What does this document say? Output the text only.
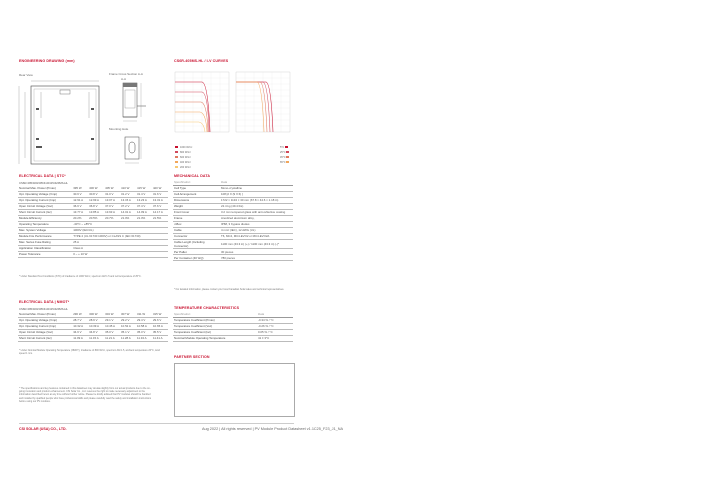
ENGINEERING DRAWING (mm)
Rear View	Frame Cross Section A-A
A-A
Mounting Hole
CS6R-405MS-HL / I-V CURVES
1000 W/m²
800 W/m²
600 W/m²
400 W/m²
200 W/m²
5°C
25°C
45°C
65°C
ELECTRICAL DATA | STC*
CS6R-395/400/405/410/415/420MS-HL
Nominal Max. Power (Pmax)	395 W	400 W	405 W	410 W	415 W	420 W
Opt. Operating Voltage (Vmp)	30.6 V	30.8 V	31.0 V	31.2 V	31.4 V	31.6 V
Opt. Operating Current (Imp)	12.91 A	12.99 A	13.07 A	13.15 A	13.23 A	13.31 A
Open Circuit Voltage (Voc)	36.6 V	36.8 V	37.0 V	37.2 V	37.4 V	37.6 V
Short Circuit Current (Isc)	13.77 A	13.85 A	13.93 A	14.01 A	14.09 A	14.17 A
Module Efficiency	20.2%	20.5%	20.7%	21.0%	21.3%	21.5%
Operating Temperature	-40°C ~ +85°C					
Max. System Voltage	1000V (IEC/UL)					
Module Fire Performance	TYPE 2 (UL 61730 1000V) or CLASS C (IEC 61730)					
Max. Series Fuse Rating	25 A					
Application Classification	Class A					
Power Tolerance	0 ~ + 10 W					
* Under Standard Test Conditions (STC) of irradiance of 1000 W/m², spectrum AM 1.5 and cell temperature of 25°C.
ELECTRICAL DATA | NMOT*
CS6R-395/400/405/410/415/420MS-HL
Nominal Max. Power (Pmax)	296 W	300 W	304 W	307 W	311 W	315 W
Opt. Operating Voltage (Vmp)	28.7 V	28.9 V	29.1 V	29.2 V	29.4 V	29.6 V
Opt. Operating Current (Imp)	10.32 A	10.39 A	10.45 A	10.52 A	10.58 A	10.65 A
Open Circuit Voltage (Voc)	34.6 V	34.8 V	35.0 V	35.1 V	35.3 V	35.5 V
Short Circuit Current (Isc)	11.09 A	11.15 A	11.21 A	11.28 A	11.34 A	11.41 A
* Under Nominal Module Operating Temperature (NMOT), irradiance of 800 W/m², spectrum AM 1.5, ambient temperature 20°C, wind speed 1 m/s.
MECHANICAL DATA
Specification	Data
Cell Type	Mono-crystalline
Cell Arrangement	108 [2 X (9 X 6) ]
Dimensions	1722 × 1134 × 30 mm (67.8 × 44.6 × 1.18 in)
Weight	22.4 kg (49.4 lbs)
Front Cover	3.2 mm tempered glass with anti-reflective coating
Frame	Anodized aluminium alloy,
J-Box	IP68, 3 bypass diodes
Cable	4 mm² (IEC), 12 AWG (UL)
Connector	T6, MC4, MC4-EVO2 or MC4-EVO2A
Cable Length (Including Connector)	1100 mm (43.3 in) (+) / 1100 mm (43.3 in) (-)*
Per Pallet	30 pieces
Per Container (40' HQ)	780 pieces
* For detailed information, please contact your local Canadian Solar sales and technical representatives.
TEMPERATURE CHARACTERISTICS
Specification	Data
Temperature Coefficient (Pmax)	-0.34 % / °C
Temperature Coefficient (Voc)	-0.26 % / °C
Temperature Coefficient (Isc)	0.05 % / °C
Nominal Module Operating Temperature	41 ± 3°C
PARTNER SECTION
* The specifications and key features contained in this datasheet may deviate slightly from our actual products due to the on-going innovation and product enhancement. CSI Solar Co., Ltd. reserves the right to make necessary adjustment to the information described herein at any time without further notice. Please be kindly advised that PV modules should be handled and installed by qualified people who have professional skills and please carefully read the safety and installation instructions before using our PV modules.
CSI SOLAR (USA) CO., LTD.	Aug 2022 | All rights reserved | PV Module Product Datasheet v1.1C25_F23_J1_NA
